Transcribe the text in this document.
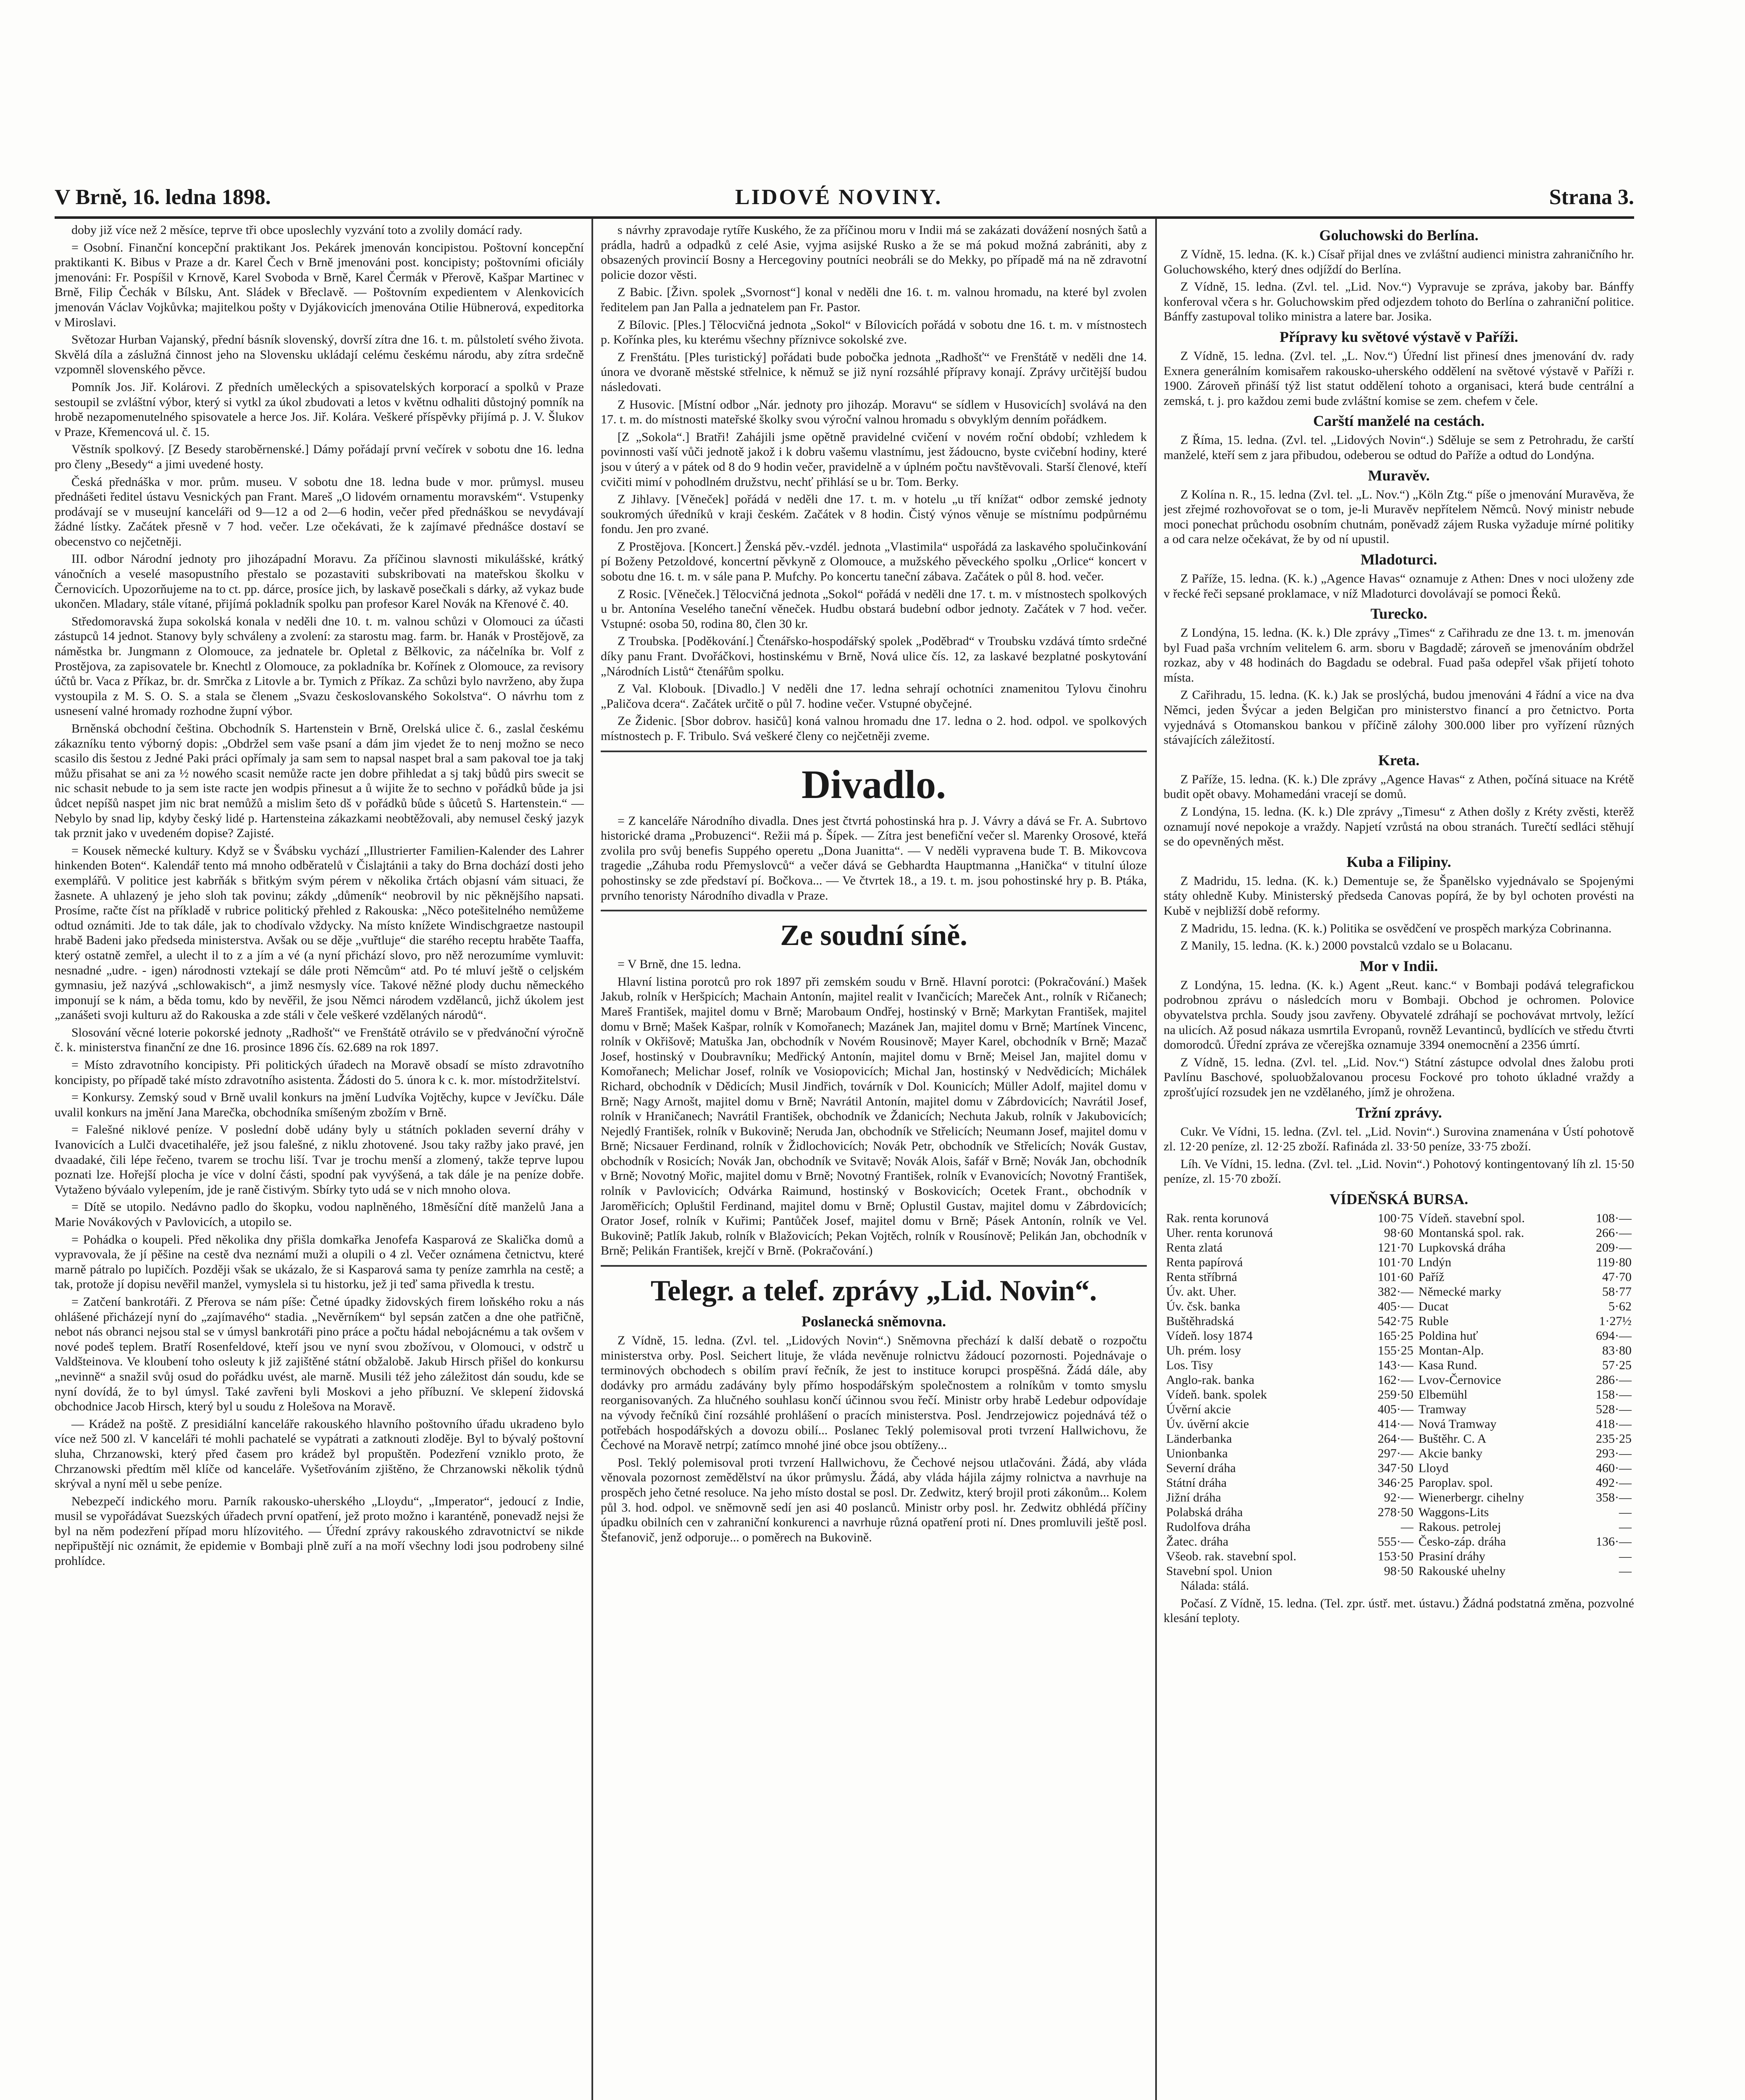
V Brně, 16. ledna 1898.	LIDOVÉ NOVINY.	Strana 3.

doby již více než 2 měsíce, teprve tři obce uposlechly vyzvání toto a zvolily domácí rady.

= Osobní. Finanční koncepční praktikant Jos. Pekárek jmenován koncipistou. Poštovní koncepční praktikanti K. Bibus v Praze a dr. Karel Čech v Brně jmenováni post. koncipisty; poštovními oficiály jmenováni: Fr. Pospíšil v Krnově, Karel Svoboda v Brně, Karel Čermák v Přerově, Kašpar Martinec v Brně, Filip Čechák v Bílsku, Ant. Sládek v Břeclavě. — Poštovním expedientem v Alenkovicích jmenován Václav Vojkůvka; majitelkou pošty v Dyjákovicích jmenována Otilie Hübnerová, expeditorka v Miroslavi.

Světozar Hurban Vajanský, přední básník slovenský, dovrší zítra dne 16. t. m. půlstoletí svého života. Skvělá díla a záslužná činnost jeho na Slovensku ukládají celému českému národu, aby zítra srdečně vzpomněl slovenského pěvce.

Pomník Jos. Jiř. Kolárovi. Z předních uměleckých a spisovatelských korporací a spolků v Praze sestoupil se zvláštní výbor, který si vytkl za úkol zbudovati a letos v květnu odhaliti důstojný pomník na hrobě nezapomenutelného spisovatele a herce Jos. Jiř. Kolára. Veškeré příspěvky přijímá p. J. V. Šlukov v Praze, Křemencová ul. č. 15.

Věstník spolkový. [Z Besedy staroběrnenské.] Dámy pořádají první večírek v sobotu dne 16. ledna pro členy „Besedy“ a jimi uvedené hosty.

Česká přednáška v mor. prům. museu. V sobotu dne 18. ledna bude v mor. průmysl. museu přednášeti ředitel ústavu Vesnických pan Frant. Mareš „O lidovém ornamentu moravském“. Vstupenky prodávají se v museujní kanceláři od 9—12 a od 2—6 hodin, večer před přednáškou se nevydávají žádné lístky. Začátek přesně v 7 hod. večer. Lze očekávati, že k zajímavé přednášce dostaví se obecenstvo co nejčetněji.

III. odbor Národní jednoty pro jihozápadní Moravu. Za příčinou slavnosti mikulášské, krátký vánočních a veselé masopustního přestalo se pozastaviti subskribovati na mateřskou školku v Černovicích. Upozorňujeme na to ct. pp. dárce, prosíce jich, by laskavě posečkali s dárky, až vykaz bude ukončen. Mladary, stále vítané, přijímá pokladník spolku pan profesor Karel Novák na Křenové č. 40.

Středomoravská župa sokolská konala v neděli dne 10. t. m. valnou schůzi v Olomouci za účasti zástupců 14 jednot. Stanovy byly schváleny a zvolení: za starostu mag. farm. br. Hanák v Prostějově, za náměstka br. Jungmann z Olomouce, za jednatele br. Opletal z Bělkovic, za náčelníka br. Volf z Prostějova, za zapisovatele br. Knechtl z Olomouce, za pokladníka br. Kořínek z Olomouce, za revisory účtů br. Vaca z Příkaz, br. dr. Smrčka z Litovle a br. Tymich z Příkaz. Za schůzi bylo navrženo, aby župa vystoupila z M. S. O. S. a stala se členem „Svazu českoslovanského Sokolstva“. O návrhu tom z usnesení valné hromady rozhodne župní výbor.

Brněnská obchodní čeština. Obchodník S. Hartenstein v Brně, Orelská ulice č. 6., zaslal českému zákazníku tento výborný dopis: „Obdržel sem vaše psaní a dám jim vjedet že to nenj možno se neco scasilo dis šestou z Jedné Paki práci opřímaly ja sam sem to napsal naspet bral a sam pakoval toe ja takj můžu přisahat se ani za ½ nowého scasit nemůže racte jen dobre přihledat a sj takj bůdů pirs swecit se nic schasit nebude to ja sem iste racte jen wodpis přinesut a ů wijite že to sechno v pořádků bůde ja jsi ůdcet nepíšů naspet jim nic brat nemůžů a mislim šeto dš v pořádků bůde s ůůcetů S. Hartenstein.“ — Nebylo by snad lip, kdyby český lidé p. Hartensteina zákazkami neobtěžovali, aby nemusel český jazyk tak prznit jako v uvedeném dopise? Zajisté.

= Kousek německé kultury. Když se v Švábsku vychází „Illustrierter Familien-Kalender des Lahrer hinkenden Boten“. Kalendář tento má mnoho odběratelů v Čislajtánii a taky do Brna dochází dosti jeho exemplářů. V politice jest kabrňák s břitkým svým pérem v několika črtách objasní vám situaci, že žasnete. A uhlazený je jeho sloh tak povinu; zákdy „důmeník“ neobrovil by nic pěknějšího napsati. Prosíme, račte číst na příkladě v rubrice politický přehled z Rakouska: „Něco potešitelného nemůžeme odtud oznámiti. Jde to tak dále, jak to chodívalo vždycky. Na místo knížete Windischgraetze nastoupil hrabě Badeni jako předseda ministerstva. Avšak ou se děje „vuřtluje“ die starého receptu hraběte Taaffa, který ostatně zemřel, a ulecht il to z a jím a vé (a nyní přichází slovo, pro něž nerozumíme vymluvit: nesnadné „udre. - igen) národnosti vztekají se dále proti Němcům“ atd. Po té mluví ještě o celjském gymnasiu, jež nazývá „schlowakisch“, a jimž nesmysly více. Takové něžné plody duchu německého imponují se k nám, a běda tomu, kdo by nevěřil, že jsou Němci národem vzdělanců, jichž úkolem jest „zanášeti svoji kulturu až do Rakouska a zde stáli v čele veškeré vzdělaných národů“.

Slosování věcné loterie pokorské jednoty „Radhošť“ ve Frenštátě otrávilo se v předvánoční výročně č. k. ministerstva finanční ze dne 16. prosince 1896 čís. 62.689 na rok 1897.

= Místo zdravotního koncipisty. Při politických úřadech na Moravě obsadí se místo zdravotního koncipisty, po případě také místo zdravotního asistenta. Žádosti do 5. února k c. k. mor. místodržitelství.

= Konkursy. Zemský soud v Brně uvalil konkurs na jmění Ludvíka Vojtěchy, kupce v Jevíčku. Dále uvalil konkurs na jmění Jana Marečka, obchodníka smíšeným zbožím v Brně.

= Falešné niklové peníze. V poslední době udány byly u státních pokladen severní dráhy v Ivanovicích a Lulči dvacetihaléře, jež jsou falešné, z niklu zhotovené. Jsou taky ražby jako pravé, jen dvaadaké, čili lépe řečeno, tvarem se trochu liší. Tvar je trochu menší a zlomený, takže teprve lupou poznati lze. Hořejší plocha je více v dolní části, spodní pak vyvýšená, a tak dále je na peníze dobře. Vytaženo býváalo vylepením, jde je raně čistivým. Sbírky tyto udá se v nich mnoho olova.

= Dítě se utopilo. Nedávno padlo do škopku, vodou naplněného, 18měsíční dítě manželů Jana a Marie Novákových v Pavlovicích, a utopilo se.

= Pohádka o koupeli. Před několika dny přišla domkařka Jenofefa Kasparová ze Skalička domů a vypravovala, že jí pěšine na cestě dva neznámí muži a olupili o 4 zl. Večer oznámena četnictvu, které marně pátralo po lupičích. Později však se ukázalo, že si Kasparová sama ty peníze zamrhla na cestě; a tak, protože jí dopisu nevěřil manžel, vymyslela si tu historku, jež ji teď sama přivedla k trestu.

= Zatčení bankrotáři. Z Přerova se nám píše: Četné úpadky židovských firem loňského roku a nás ohlášené přicházejí nyní do „zajímavého“ stadia. „Nevěrníkem“ byl sepsán zatčen a dne ohe patřičně, nebot nás obranci nejsou stal se v úmysl bankrotáři pino práce a počtu hádal nebojácnému a tak ovšem v nové podeš teplem. Bratří Rosenfeldové, kteří jsou ve nyní svou zbožívou, v Olomouci, v odstrč u Valdšteinova. Ve kloubení toho osleuty k již zajištěné státní obžalobě. Jakub Hirsch přišel do konkursu „nevinně“ a snažil svůj osud do pořádku uvést, ale marně. Musili též jeho záležitost dán soudu, kde se nyní dovídá, že to byl úmysl. Také zavřeni byli Moskovi a jeho příbuzní. Ve sklepení židovská obchodnice Jacob Hirsch, který byl u soudu z Holešova na Moravě.

— Krádež na poště. Z presidiální kanceláře rakouského hlavního poštovního úřadu ukradeno bylo více než 500 zl. V kanceláři té mohli pachatelé se vypátrati a zatknouti zloděje. Byl to bývalý poštovní sluha, Chrzanowski, který před časem pro krádež byl propuštěn. Podezření vzniklo proto, že Chrzanowski předtím měl klíče od kanceláře. Vyšetřováním zjištěno, že Chrzanowski několik týdnů skrýval a nyní měl u sebe peníze.

Nebezpečí indického moru. Parník rakousko-uherského „Lloydu“, „Imperator“, jedoucí z Indie, musil se vypořádávat Suezských úřadech první opatření, jež proto možno i karanténě, ponevadž nejsi že byl na něm podezření případ moru hlízovitého. — Úřední zprávy rakouského zdravotnictví se nikde nepřipuštějí nic oznámit, že epidemie v Bombaji plně zuří a na moří všechny lodi jsou podrobeny silné prohlídce.

s návrhy zpravodaje rytíře Kuského, že za příčinou moru v Indii má se zakázati dovážení nosných šatů a prádla, hadrů a odpadků z celé Asie, vyjma asijské Rusko a že se má pokud možná zabrániti, aby z obsazených provincií Bosny a Hercegoviny poutníci neobráli se do Mekky, po případě má na ně zdravotní policie dozor věsti.

Z Babic. [Živn. spolek „Svornost“] konal v neděli dne 16. t. m. valnou hromadu, na které byl zvolen ředitelem pan Jan Palla a jednatelem pan Fr. Pastor.

Z Bílovic. [Ples.] Tělocvičná jednota „Sokol“ v Bílovicích pořádá v sobotu dne 16. t. m. v místnostech p. Kořínka ples, ku kterému všechny příznivce sokolské zve.

Z Frenštátu. [Ples turistický] pořádati bude pobočka jednota „Radhošť“ ve Frenštátě v neděli dne 14. února ve dvoraně městské střelnice, k němuž se již nyní rozsáhlé přípravy konají. Zprávy určitější budou následovati.

Z Husovic. [Místní odbor „Nár. jednoty pro jihozáp. Moravu“ se sídlem v Husovicích] svolává na den 17. t. m. do místnosti mateřské školky svou výroční valnou hromadu s obvyklým denním pořádkem.

[Z „Sokola“.] Bratři! Zahájili jsme opětně pravidelné cvičení v novém roční období; vzhledem k povinnosti vaší vůči jednotě jakož i k dobru vašemu vlastnímu, jest žádoucno, byste cvičební hodiny, které jsou v úterý a v pátek od 8 do 9 hodin večer, pravidelně a v úplném počtu navštěvovali. Starší členové, kteří cvičiti mimí v pohodlném družstvu, nechť přihlásí se u br. Tom. Berky.

Z Jihlavy. [Věneček] pořádá v neděli dne 17. t. m. v hotelu „u tří knížat“ odbor zemské jednoty soukromých úředníků v kraji českém. Začátek v 8 hodin. Čistý výnos věnuje se místnímu podpůrnému fondu. Jen pro zvané.

Z Prostějova. [Koncert.] Ženská pěv.-vzdél. jednota „Vlastimila“ uspořádá za laskavého spolučinkování pí Boženy Petzoldové, koncertní pěvkyně z Olomouce, a mužského pěveckého spolku „Orlice“ koncert v sobotu dne 16. t. m. v sále pana P. Mufchy. Po koncertu taneční zábava. Začátek o půl 8. hod. večer.

Z Rosic. [Věneček.] Tělocvičná jednota „Sokol“ pořádá v neděli dne 17. t. m. v místnostech spolkových u br. Antonína Veselého taneční věneček. Hudbu obstará budební odbor jednoty. Začátek v 7 hod. večer. Vstupné: osoba 50, rodina 80, člen 30 kr.

Z Troubska. [Poděkování.] Čtenářsko-hospodářský spolek „Poděbrad“ v Troubsku vzdává tímto srdečné díky panu Frant. Dvořáčkovi, hostinskému v Brně, Nová ulice čís. 12, za laskavé bezplatné poskytování „Národních Listů“ čtenářům spolku.

Z Val. Klobouk. [Divadlo.] V neděli dne 17. ledna sehrají ochotníci znamenitou Tylovu činohru „Paličova dcera“. Začátek určitě o půl 7. hodine večer. Vstupné obyčejné.

Ze Židenic. [Sbor dobrov. hasičů] koná valnou hromadu dne 17. ledna o 2. hod. odpol. ve spolkových místnostech p. F. Tribulo. Svá veškeré členy co nejčetněji zveme.

Divadlo.

= Z kanceláře Národního divadla. Dnes jest čtvrtá pohostinská hra p. J. Vávry a dává se Fr. A. Subrtovo historické drama „Probuzenci“. Režii má p. Šípek. — Zítra jest benefiční večer sl. Marenky Orosové, kteřá zvolila pro svůj benefis Suppého operetu „Dona Juanitta“. — V neděli vypravena bude T. B. Mikovcova tragedie „Záhuba rodu Přemyslovců“ a večer dává se Gebhardta Hauptmanna „Hanička“ v titulní úloze pohostinsky se zde představí pí. Bočkova... — Ve čtvrtek 18., a 19. t. m. jsou pohostinské hry p. B. Ptáka, prvního tenoristy Národního divadla v Praze.

Ze soudní síně.

= V Brně, dne 15. ledna.

Hlavní listina porotců pro rok 1897 při zemském soudu v Brně. Hlavní porotci: (Pokračování.) Mašek Jakub, rolník v Heršpicích; Machain Antonín, majitel realit v Ivančicích; Mareček Ant., rolník v Ričanech; Mareš František, majitel domu v Brně; Marobaum Ondřej, hostinský v Brně; Markytan František, majitel domu v Brně; Mašek Kašpar, rolník v Komořanech; Mazánek Jan, majitel domu v Brně; Martínek Vincenc, rolník v Okřišově; Matuška Jan, obchodník v Novém Rousinově; Mayer Karel, obchodník v Brně; Mazač Josef, hostinský v Doubravníku; Medřický Antonín, majitel domu v Brně; Meisel Jan, majitel domu v Komořanech; Melichar Josef, rolník ve Vosiopovicích; Michal Jan, hostinský v Nedvědicích; Michálek Richard, obchodník v Dědicích; Musil Jindřich, továrník v Dol. Kounicích; Müller Adolf, majitel domu v Brně; Nagy Arnošt, majitel domu v Brně; Navrátil Antonín, majitel domu v Zábrdovicích; Navrátil Josef, rolník v Hraničanech; Navrátil František, obchodník ve Ždanicích; Nechuta Jakub, rolník v Jakubovicích; Nejedlý František, rolník v Bukovině; Neruda Jan, obchodník ve Střelicích; Neumann Josef, majitel domu v Brně; Nicsauer Ferdinand, rolník v Židlochovicích; Novák Petr, obchodník ve Střelicích; Novák Gustav, obchodník v Rosicích; Novák Jan, obchodník ve Svitavě; Novák Alois, šafář v Brně; Novák Jan, obchodník v Brně; Novotný Mořic, majitel domu v Brně; Novotný František, rolník v Evanovicích; Novotný František, rolník v Pavlovicích; Odvárka Raimund, hostinský v Boskovicích; Ocetek Frant., obchodník v Jaroměřicích; Opluštil Ferdinand, majitel domu v Brně; Oplustil Gustav, majitel domu v Zábrdovicích; Orator Josef, rolník v Kuřimi; Pantůček Josef, majitel domu v Brně; Pásek Antonín, rolník ve Vel. Bukovině; Patlík Jakub, rolník v Blažovicích; Pekan Vojtěch, rolník v Rousínově; Pelikán Jan, obchodník v Brně; Pelikán František, krejčí v Brně. (Pokračování.)

Telegr. a telef. zprávy „Lid. Novin“.

Poslanecká sněmovna.

Z Vídně, 15. ledna. (Zvl. tel. „Lidových Novin“.) Sněmovna přechází k další debatě o rozpočtu ministerstva orby. Posl. Seichert lituje, že vláda nevěnuje rolnictvu žádoucí pozornosti. Pojednávaje o terminových obchodech s obilím praví řečník, že jest to instituce korupci prospěšná. Žádá dále, aby dodávky pro armádu zadávány byly přímo hospodářským společnostem a rolníkům v tomto smyslu reorganisovaných. Za hlučného souhlasu končí účinnou svou řečí. Ministr orby hrabě Ledebur odpovídaje na vývody řečníků činí rozsáhlé prohlášení o pracích ministerstva. Posl. Jendrzejowicz pojednává též o potřebách hospodářských a dovozu obilí... Poslanec Teklý polemisoval proti tvrzení Hallwichovu, že Čechové na Moravě netrpí; zatímco mnohé jiné obce jsou obtíženy...

Posl. Teklý polemisoval proti tvrzení Hallwichovu, že Čechové nejsou utlačováni. Žádá, aby vláda věnovala pozornost zemědělství na úkor průmyslu. Žádá, aby vláda hájila zájmy rolnictva a navrhuje na prospěch jeho četné resoluce. Na jeho místo dostal se posl. Dr. Zedwitz, který brojil proti zákonům... Kolem půl 3. hod. odpol. ve sněmovně sedí jen asi 40 poslanců. Ministr orby posl. hr. Zedwitz obhlédá příčiny úpadku obilních cen v zahraniční konkurenci a navrhuje různá opatření proti ní. Dnes promluvili ještě posl. Štefanovič, jenž odporuje... o poměrech na Bukovině.

Goluchowski do Berlína.

Z Vídně, 15. ledna. (K. k.) Císař přijal dnes ve zvláštní audienci ministra zahraničního hr. Goluchowského, který dnes odjíždí do Berlína.

Z Vídně, 15. ledna. (Zvl. tel. „Lid. Nov.“) Vypravuje se zpráva, jakoby bar. Bánffy konferoval včera s hr. Goluchowskim před odjezdem tohoto do Berlína o zahraniční politice. Bánffy zastupoval toliko ministra a latere bar. Josika.

Přípravy ku světové výstavě v Paříži.

Z Vídně, 15. ledna. (Zvl. tel. „L. Nov.“) Úřední list přinesí dnes jmenování dv. rady Exnera generálním komisařem rakousko-uherského oddělení na světové výstavě v Paříži r. 1900. Zároveň přináší týž list statut oddělení tohoto a organisaci, která bude centrální a zemská, t. j. pro každou zemi bude zvláštní komise se zem. chefem v čele.

Carští manželé na cestách.

Z Říma, 15. ledna. (Zvl. tel. „Lidových Novin“.) Sděluje se sem z Petrohradu, že carští manželé, kteří sem z jara přibudou, odeberou se odtud do Paříže a odtud do Londýna.

Muravěv.

Z Kolína n. R., 15. ledna (Zvl. tel. „L. Nov.“) „Köln Ztg.“ píše o jmenování Muravěva, že jest zřejmé rozhovořovat se o tom, je-li Muravěv nepřítelem Němců. Nový ministr nebude moci ponechat průchodu osobním chutnám, poněvadž zájem Ruska vyžaduje mírné politiky a od cara nelze očekávat, že by od ní upustil.

Mladoturci.

Z Paříže, 15. ledna. (K. k.) „Agence Havas“ oznamuje z Athen: Dnes v noci uloženy zde v řecké řeči sepsané proklamace, v níž Mladoturci dovolávají se pomoci Řeků.

Turecko.

Z Londýna, 15. ledna. (K. k.) Dle zprávy „Times“ z Cařihradu ze dne 13. t. m. jmenován byl Fuad paša vrchním velitelem 6. arm. sboru v Bagdadě; zároveň se jmenováním obdržel rozkaz, aby v 48 hodinách do Bagdadu se odebral. Fuad paša odepřel však přijetí tohoto místa.

Z Cařihradu, 15. ledna. (K. k.) Jak se proslýchá, budou jmenováni 4 řádní a vice na dva Němci, jeden Švýcar a jeden Belgičan pro ministerstvo financí a pro četnictvo. Porta vyjednává s Otomanskou bankou v příčině zálohy 300.000 liber pro vyřízení různých stávajících záležitostí.

Kreta.

Z Paříže, 15. ledna. (K. k.) Dle zprávy „Agence Havas“ z Athen, počíná situace na Krétě budit opět obavy. Mohamedáni vracejí se domů.

Z Londýna, 15. ledna. (K. k.) Dle zprávy „Timesu“ z Athen došly z Kréty zvěsti, kterěž oznamují nové nepokoje a vraždy. Napjetí vzrůstá na obou stranách. Turečtí sedláci stěhují se do opevněných měst.

Kuba a Filipiny.

Z Madridu, 15. ledna. (K. k.) Dementuje se, že Španělsko vyjednávalo se Spojenými státy ohledně Kuby. Ministerský předseda Canovas popírá, že by byl ochoten provésti na Kubě v nejbližší době reformy.

Z Madridu, 15. ledna. (K. k.) Politika se osvědčení ve prospěch markýza Cobrinanna.

Z Manily, 15. ledna. (K. k.) 2000 povstalců vzdalo se u Bolacanu.

Mor v Indii.

Z Londýna, 15. ledna. (K. k.) Agent „Reut. kanc.“ v Bombaji podává telegrafickou podrobnou zprávu o následcích moru v Bombaji. Obchod je ochromen. Polovice obyvatelstva prchla. Soudy jsou zavřeny. Obyvatelé zdráhají se pochovávat mrtvoly, ležící na ulicích. Až posud nákaza usmrtila Evropanů, rovněž Levantinců, bydlících ve středu čtvrti domorodců. Úřední zpráva ze včerejška oznamuje 3394 onemocnění a 2356 úmrtí.

Z Vídně, 15. ledna. (Zvl. tel. „Lid. Nov.“) Státní zástupce odvolal dnes žalobu proti Pavlínu Baschové, spoluobžalovanou procesu Fockové pro tohoto úkladné vraždy a zprošťující rozsudek jen ne vzdělaného, jímž je ohrožena.

Tržní zprávy.

Cukr. Ve Vídni, 15. ledna. (Zvl. tel. „Lid. Novin“.) Surovina znamenána v Ústí pohotově zl. 12·20 peníze, zl. 12·25 zboží. Rafináda zl. 33·50 peníze, 33·75 zboží.

Líh. Ve Vídni, 15. ledna. (Zvl. tel. „Lid. Novin“.) Pohotový kontingentovaný líh zl. 15·50 peníze, zl. 15·70 zboží.

VÍDEŇSKÁ BURSA.

Rak. renta korunová	100·75	Vídeň. stavební spol.	108·—
Uher. renta korunová	98·60	Montanská spol. rak.	266·—
Renta zlatá	121·70	Lupkovská dráha	209·—
Renta papírová	101·70	Lndýn	119·80
Renta stříbrná	101·60	Paříž	47·70
Úv. akt. Uher.	382·—	Německé marky	58·77
Úv. čsk. banka	405·—	Ducat	5·62
Buštěhradská	542·75	Ruble	1·27½
Vídeň. losy 1874	165·25	Poldina huť	694·—
Uh. prém. losy	155·25	Montan-Alp.	83·80
Los. Tisy	143·—	Kasa Rund.	57·25
Anglo-rak. banka	162·—	Lvov-Černovice	286·—
Vídeň. bank. spolek	259·50	Elbemühl	158·—
Úvěrní akcie	405·—	Tramway	528·—
Úv. úvěrní akcie	414·—	Nová Tramway	418·—
Länderbanka	264·—	Buštěhr. C. A	235·25
Unionbanka	297·—	Akcie banky	293·—
Severní dráha	347·50	Lloyd	460·—
Státní dráha	346·25	Paroplav. spol.	492·—
Jižní dráha	92·—	Wienerbergr. cihelny	358·—
Polabská dráha	278·50	Waggons-Lits	—
Rudolfova dráha	—	Rakous. petrolej	—
Žatec. dráha	555·—	Česko-záp. dráha	136·—
Všeob. rak. stavební spol.	153·50	Prasiní dráhy	—
Stavební spol. Union	98·50	Rakouské uhelny	—

Nálada: stálá.

Počasí. Z Vídně, 15. ledna. (Tel. zpr. ústř. met. ústavu.) Žádná podstatná změna, pozvolné klesání teploty.
